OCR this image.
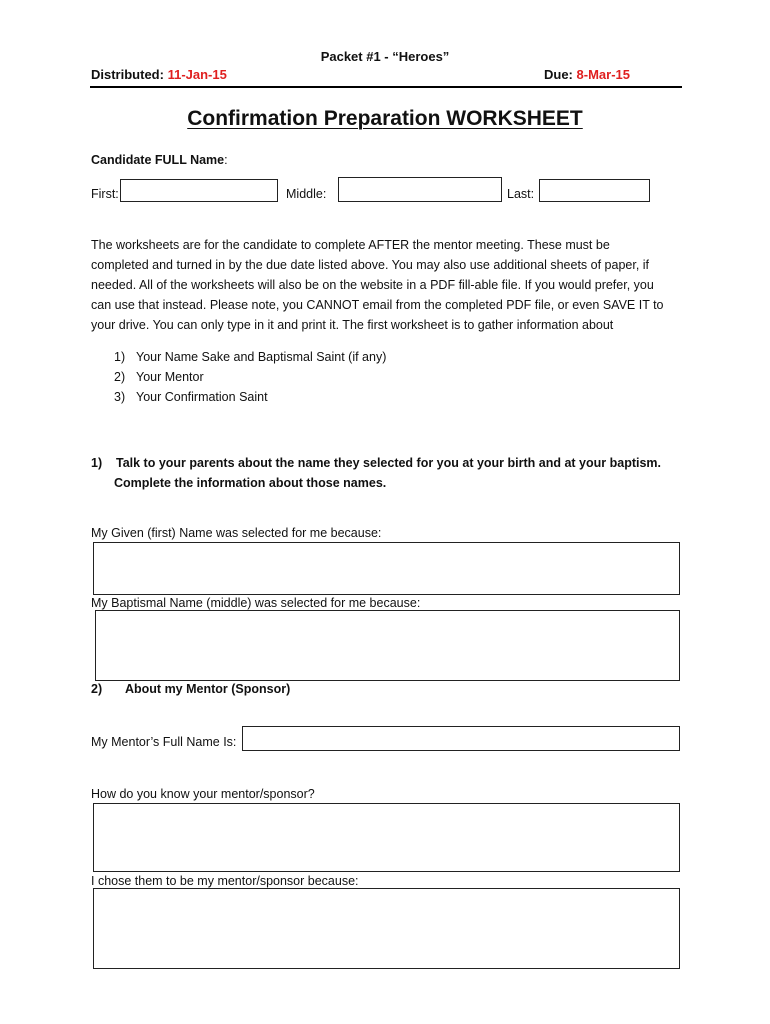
Packet #1 - “Heroes”
Distributed: 11-Jan-15	Due: 8-Mar-15
Confirmation Preparation WORKSHEET
Candidate FULL Name:
First:	Middle:	Last:
The worksheets are for the candidate to complete AFTER the mentor meeting. These must be
completed and turned in by the due date listed above. You may also use additional sheets of paper, if
needed. All of the worksheets will also be on the website in a PDF fill-able file. If you would prefer, you
can use that instead. Please note, you CANNOT email from the completed PDF file, or even SAVE IT to
your drive. You can only type in it and print it. The first worksheet is to gather information about
1) Your Name Sake and Baptismal Saint (if any)
2) Your Mentor
3) Your Confirmation Saint
1) Talk to your parents about the name they selected for you at your birth and at your baptism.
Complete the information about those names.
My Given (first) Name was selected for me because:
My Baptismal Name (middle) was selected for me because:
2) About my Mentor (Sponsor)
My Mentor’s Full Name Is:
How do you know your mentor/sponsor?
I chose them to be my mentor/sponsor because:
